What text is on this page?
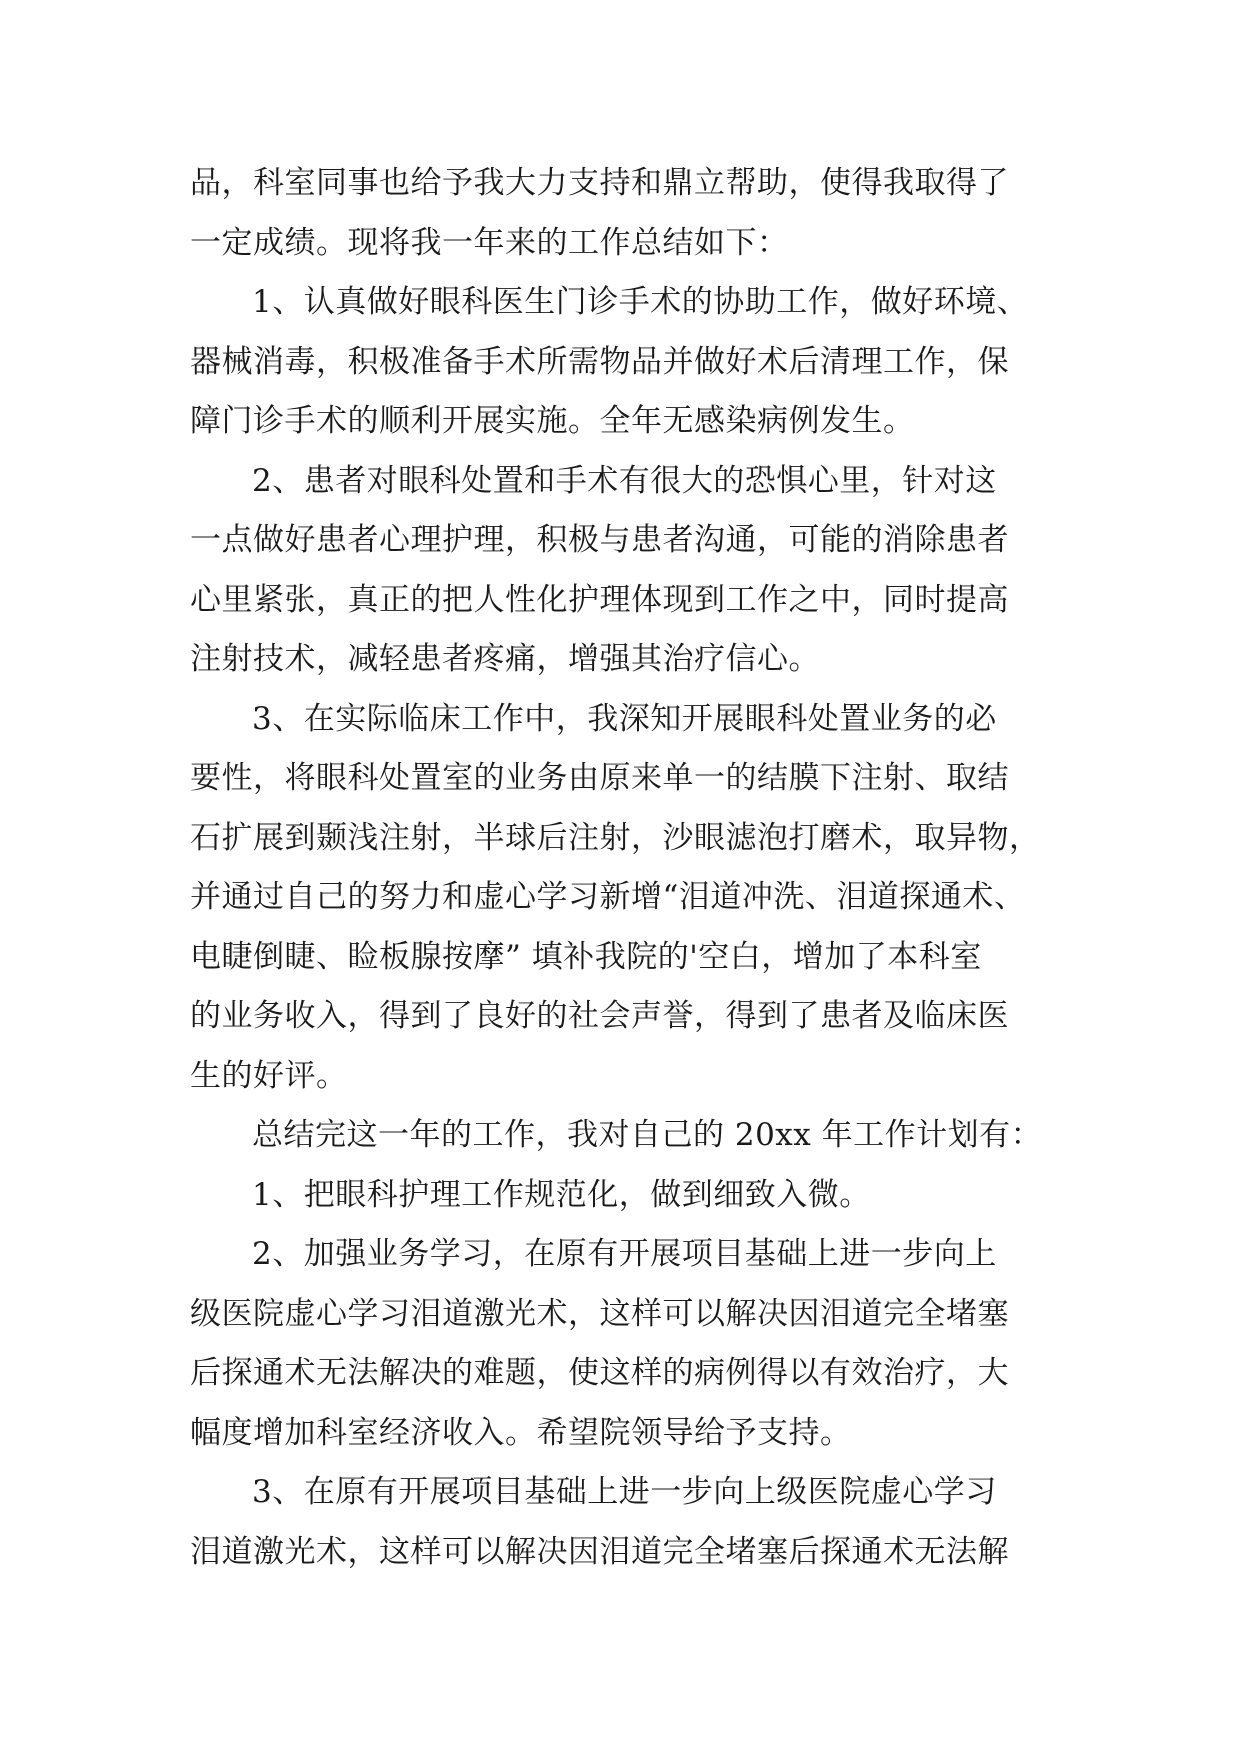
品，科室同事也给予我大力支持和鼎立帮助，使得我取得了
一定成绩。现将我一年来的工作总结如下：
1、认真做好眼科医生门诊手术的协助工作，做好环境、
器械消毒，积极准备手术所需物品并做好术后清理工作，保
障门诊手术的顺利开展实施。全年无感染病例发生。
2、患者对眼科处置和手术有很大的恐惧心里，针对这
一点做好患者心理护理，积极与患者沟通，可能的消除患者
心里紧张，真正的把人性化护理体现到工作之中，同时提高
注射技术，减轻患者疼痛，增强其治疗信心。
3、在实际临床工作中，我深知开展眼科处置业务的必
要性，将眼科处置室的业务由原来单一的结膜下注射、取结
石扩展到颞浅注射，半球后注射，沙眼滤泡打磨术，取异物，
并通过自己的努力和虚心学习新增“泪道冲洗、泪道探通术、
电睫倒睫、睑板腺按摩” 填补我院的'空白，增加了本科室
的业务收入，得到了良好的社会声誉，得到了患者及临床医
生的好评。
总结完这一年的工作，我对自己的 20xx 年工作计划有：
1、把眼科护理工作规范化，做到细致入微。
2、加强业务学习，在原有开展项目基础上进一步向上
级医院虚心学习泪道激光术，这样可以解决因泪道完全堵塞
后探通术无法解决的难题，使这样的病例得以有效治疗，大
幅度增加科室经济收入。希望院领导给予支持。
3、在原有开展项目基础上进一步向上级医院虚心学习
泪道激光术，这样可以解决因泪道完全堵塞后探通术无法解
